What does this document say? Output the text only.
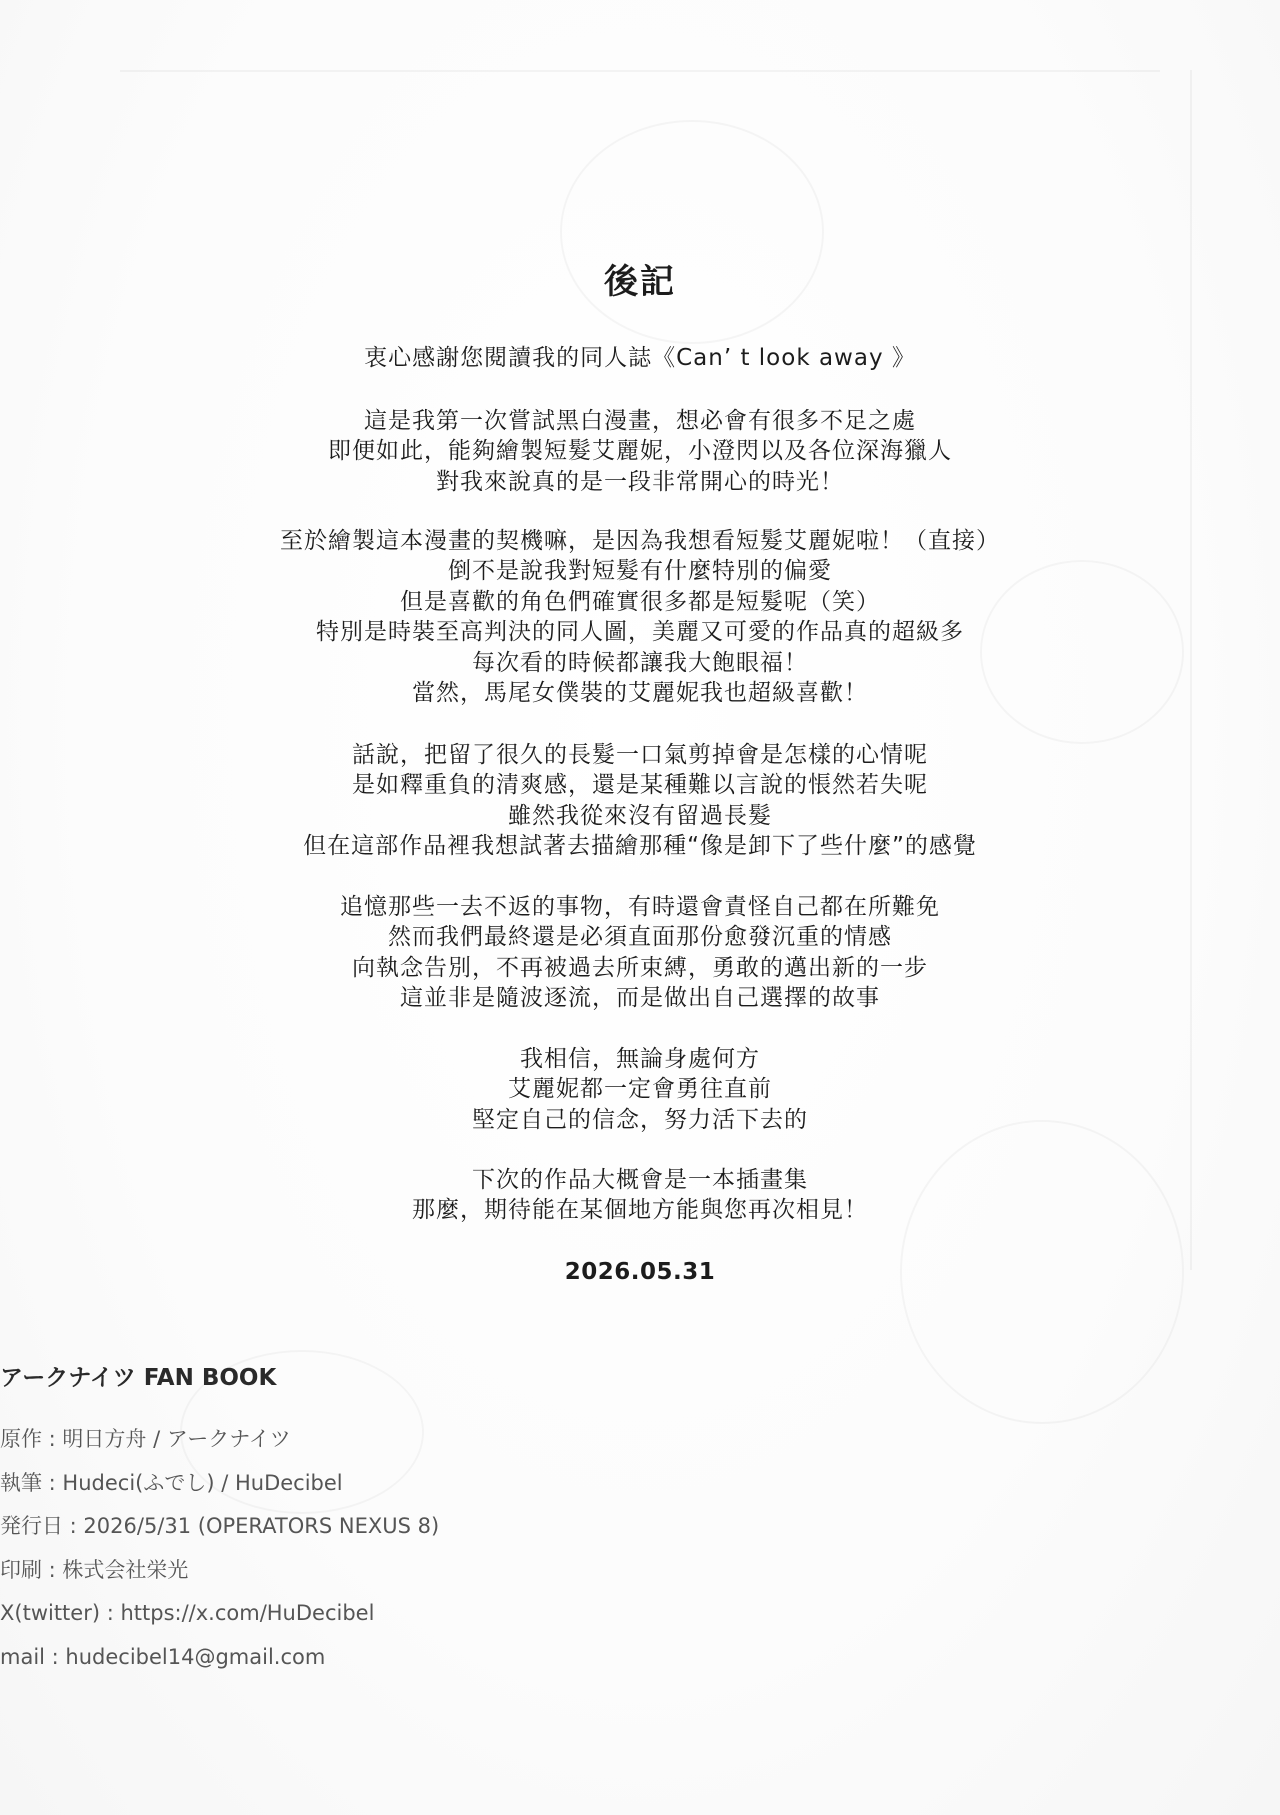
後記
衷心感謝您閱讀我的同人誌《Can’ t look away 》
這是我第一次嘗試黑白漫畫，想必會有很多不足之處
即便如此，能夠繪製短髮艾麗妮，小澄閃以及各位深海獵人
對我來說真的是一段非常開心的時光！
至於繪製這本漫畫的契機嘛，是因為我想看短髮艾麗妮啦！（直接）
倒不是說我對短髮有什麼特別的偏愛
但是喜歡的角色們確實很多都是短髮呢（笑）
特別是時裝至高判決的同人圖，美麗又可愛的作品真的超級多
每次看的時候都讓我大飽眼福！
當然，馬尾女僕裝的艾麗妮我也超級喜歡！
話說，把留了很久的長髮一口氣剪掉會是怎樣的心情呢
是如釋重負的清爽感，還是某種難以言說的悵然若失呢
雖然我從來沒有留過長髮
但在這部作品裡我想試著去描繪那種“像是卸下了些什麼”的感覺
追憶那些一去不返的事物，有時還會責怪自己都在所難免
然而我們最終還是必須直面那份愈發沉重的情感
向執念告別，不再被過去所束縛，勇敢的邁出新的一步
這並非是隨波逐流，而是做出自己選擇的故事
我相信，無論身處何方
艾麗妮都一定會勇往直前
堅定自己的信念，努力活下去的
下次的作品大概會是一本插畫集
那麼，期待能在某個地方能與您再次相見！
2026.05.31
アークナイツ FAN BOOK
原作 : 明日方舟 / アークナイツ
執筆 : Hudeci(ふでし) / HuDecibel
発行日 : 2026/5/31 (OPERATORS NEXUS 8)
印刷 : 株式会社栄光
X(twitter) : https://x.com/HuDecibel
mail : hudecibel14@gmail.com
